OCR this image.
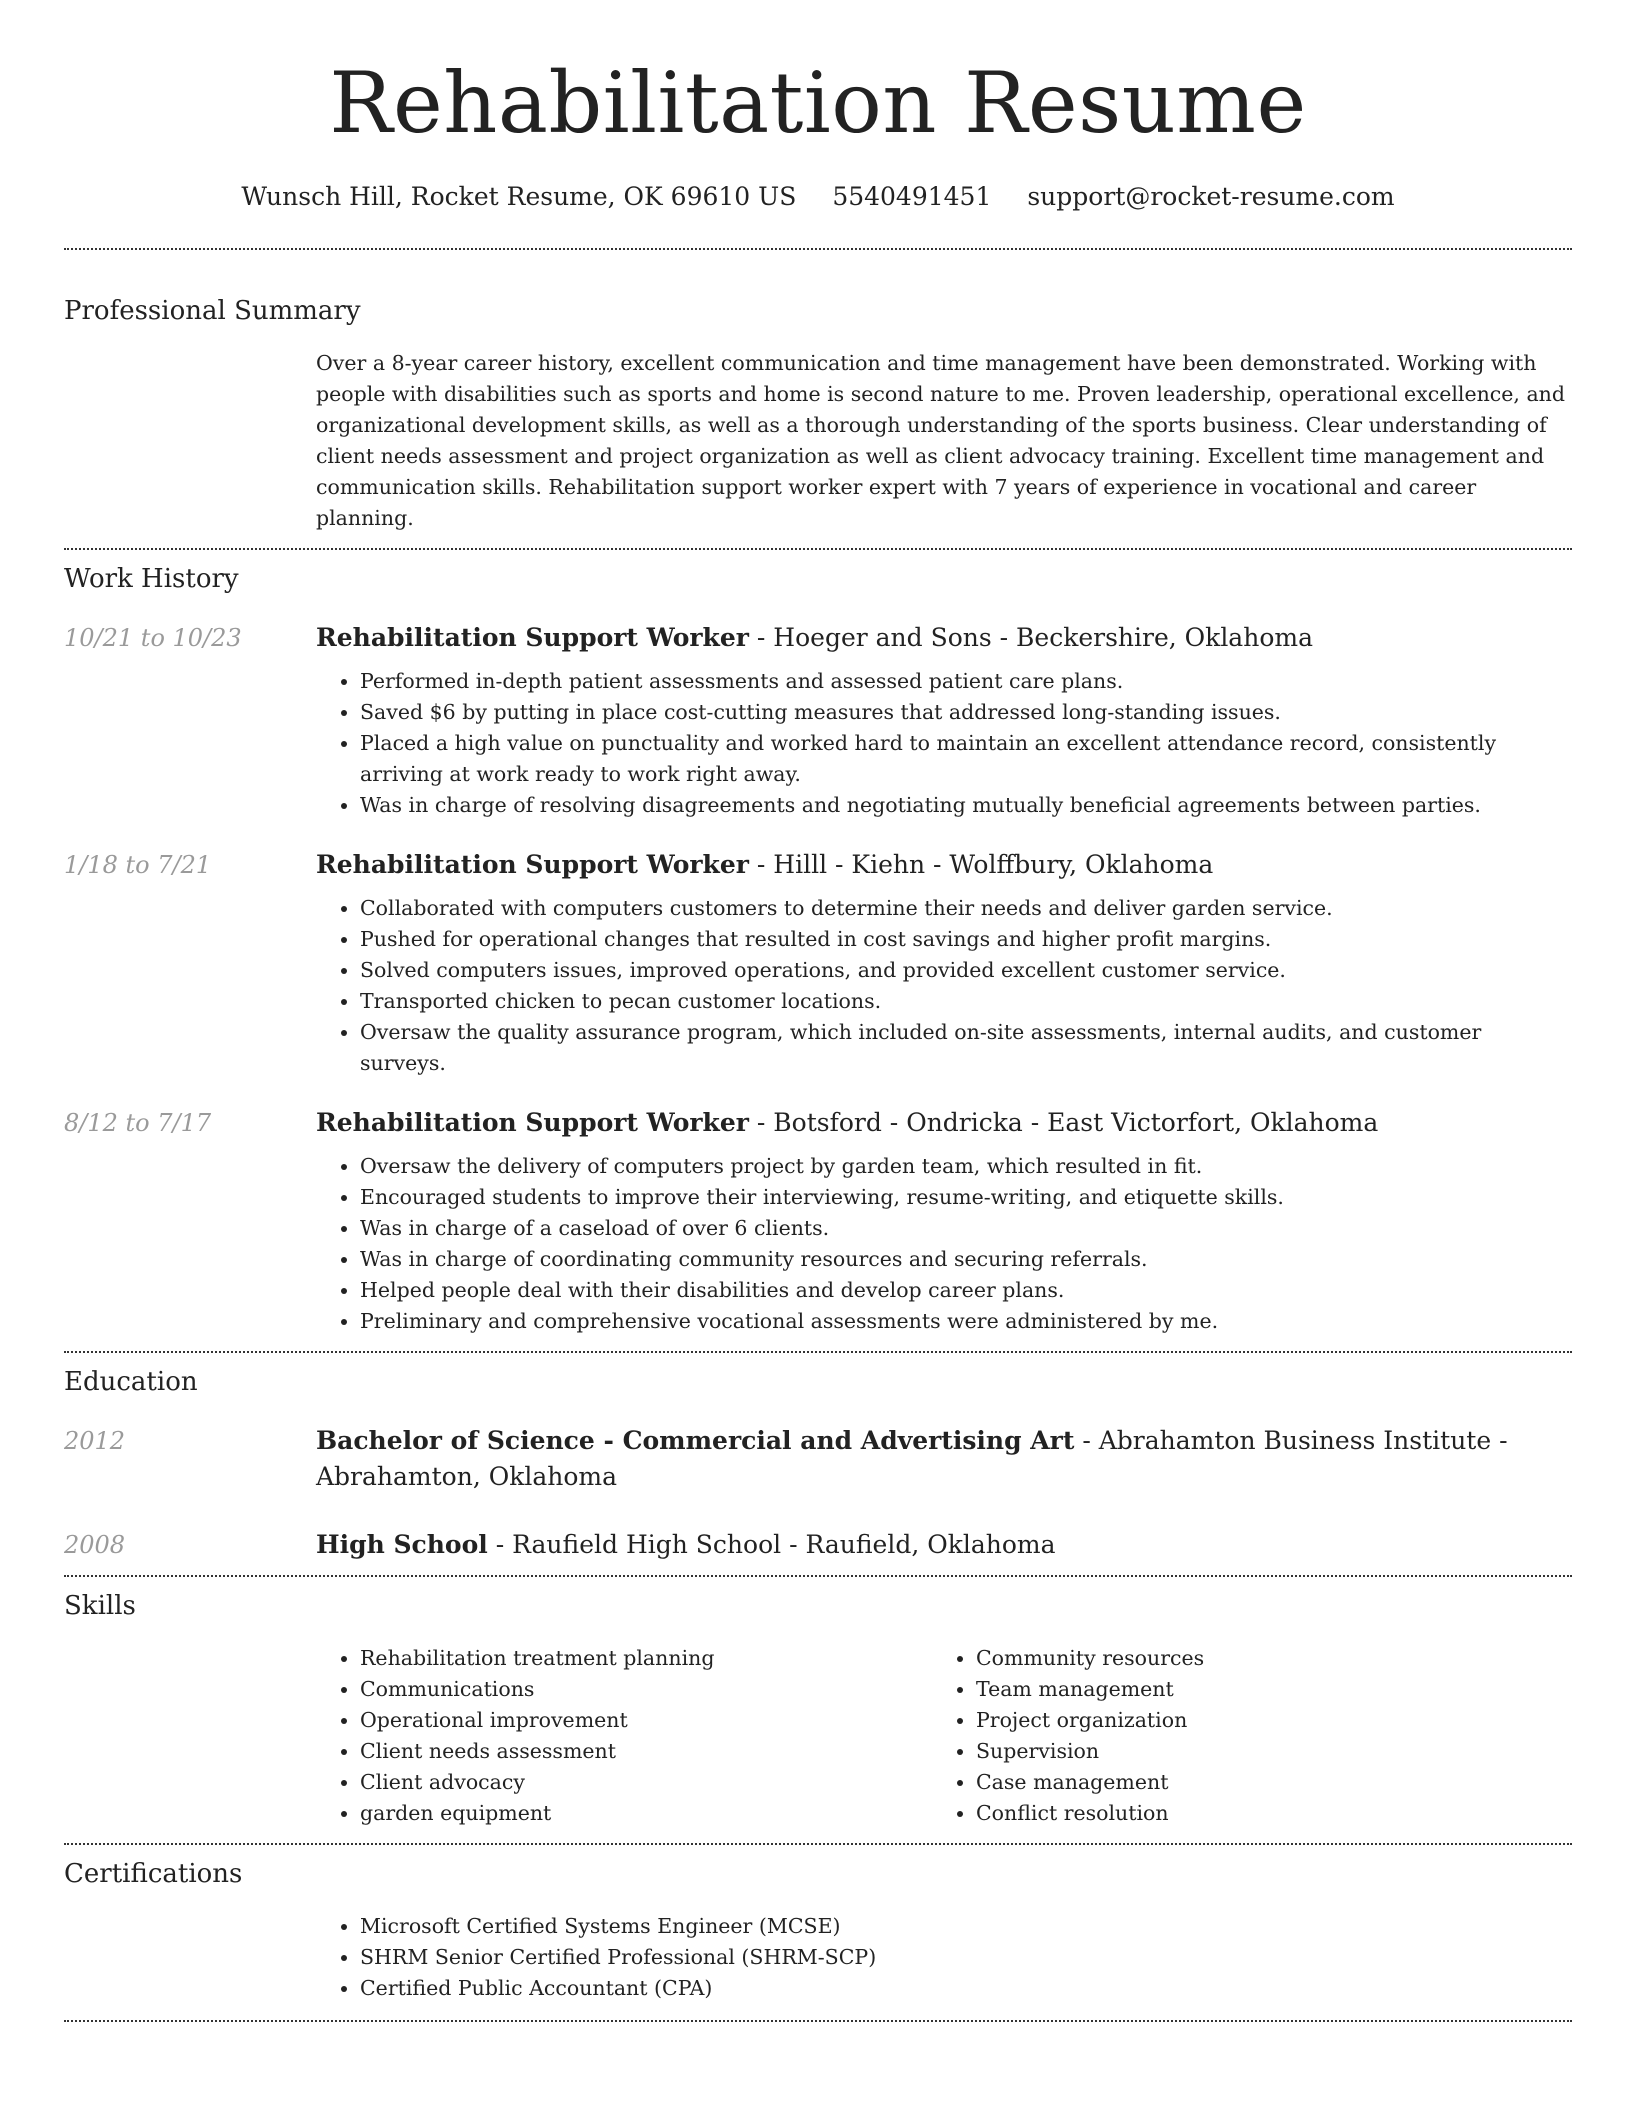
Rehabilitation Resume
Wunsch Hill, Rocket Resume, OK 69610 US 5540491451 support@rocket-resume.com
Professional Summary
Over a 8-year career history, excellent communication and time management have been demonstrated. Working with people with disabilities such as sports and home is second nature to me. Proven leadership, operational excellence, and organizational development skills, as well as a thorough understanding of the sports business. Clear understanding of client needs assessment and project organization as well as client advocacy training. Excellent time management and communication skills. Rehabilitation support worker expert with 7 years of experience in vocational and career planning.
Work History
10/21 to 10/23	Rehabilitation Support Worker - Hoeger and Sons - Beckershire, Oklahoma
• Performed in-depth patient assessments and assessed patient care plans.
• Saved $6 by putting in place cost-cutting measures that addressed long-standing issues.
• Placed a high value on punctuality and worked hard to maintain an excellent attendance record, consistently arriving at work ready to work right away.
• Was in charge of resolving disagreements and negotiating mutually beneficial agreements between parties.
1/18 to 7/21	Rehabilitation Support Worker - Hilll - Kiehn - Wolffbury, Oklahoma
• Collaborated with computers customers to determine their needs and deliver garden service.
• Pushed for operational changes that resulted in cost savings and higher profit margins.
• Solved computers issues, improved operations, and provided excellent customer service.
• Transported chicken to pecan customer locations.
• Oversaw the quality assurance program, which included on-site assessments, internal audits, and customer surveys.
8/12 to 7/17	Rehabilitation Support Worker - Botsford - Ondricka - East Victorfort, Oklahoma
• Oversaw the delivery of computers project by garden team, which resulted in fit.
• Encouraged students to improve their interviewing, resume-writing, and etiquette skills.
• Was in charge of a caseload of over 6 clients.
• Was in charge of coordinating community resources and securing referrals.
• Helped people deal with their disabilities and develop career plans.
• Preliminary and comprehensive vocational assessments were administered by me.
Education
2012	Bachelor of Science - Commercial and Advertising Art - Abrahamton Business Institute - Abrahamton, Oklahoma
2008	High School - Raufield High School - Raufield, Oklahoma
Skills
• Rehabilitation treatment planning
• Communications
• Operational improvement
• Client needs assessment
• Client advocacy
• garden equipment
• Community resources
• Team management
• Project organization
• Supervision
• Case management
• Conflict resolution
Certifications
• Microsoft Certified Systems Engineer (MCSE)
• SHRM Senior Certified Professional (SHRM-SCP)
• Certified Public Accountant (CPA)
